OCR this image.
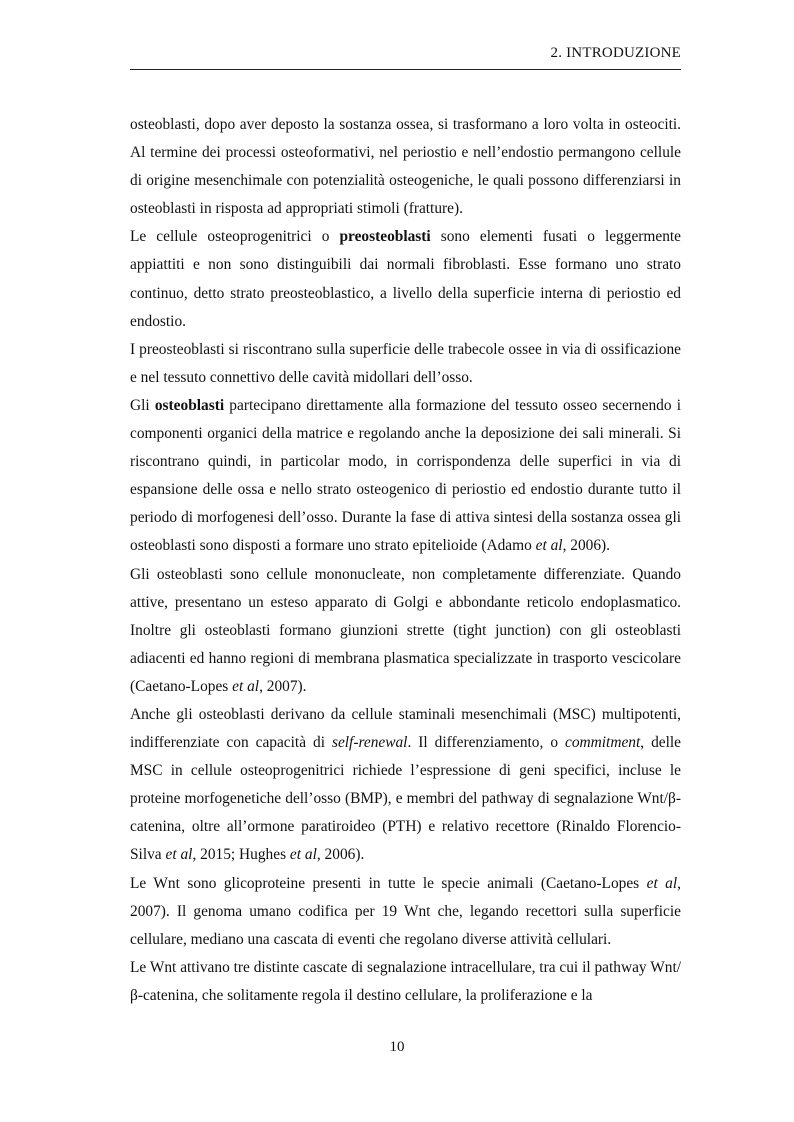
2. INTRODUZIONE

osteoblasti, dopo aver deposto la sostanza ossea, si trasformano a loro volta in osteociti. Al termine dei processi osteoformativi, nel periostio e nell’endostio permangono cellule di origine mesenchimale con potenzialità osteogeniche, le quali possono differenziarsi in osteoblasti in risposta ad appropriati stimoli (fratture).

Le cellule osteoprogenitrici o preosteoblasti sono elementi fusati o leggermente appiattiti e non sono distinguibili dai normali fibroblasti. Esse formano uno strato continuo, detto strato preosteoblastico, a livello della superficie interna di periostio ed endostio.

I preosteoblasti si riscontrano sulla superficie delle trabecole ossee in via di ossificazione e nel tessuto connettivo delle cavità midollari dell’osso.

Gli osteoblasti partecipano direttamente alla formazione del tessuto osseo secernendo i componenti organici della matrice e regolando anche la deposizione dei sali minerali. Si riscontrano quindi, in particolar modo, in corrispondenza delle superfici in via di espansione delle ossa e nello strato osteogenico di periostio ed endostio durante tutto il periodo di morfogenesi dell’osso. Durante la fase di attiva sintesi della sostanza ossea gli osteoblasti sono disposti a formare uno strato epitelioide (Adamo et al, 2006).

Gli osteoblasti sono cellule mononucleate, non completamente differenziate. Quando attive, presentano un esteso apparato di Golgi e abbondante reticolo endoplasmatico. Inoltre gli osteoblasti formano giunzioni strette (tight junction) con gli osteoblasti adiacenti ed hanno regioni di membrana plasmatica specializzate in trasporto vescicolare (Caetano-Lopes et al, 2007).

Anche gli osteoblasti derivano da cellule staminali mesenchimali (MSC) multipotenti, indifferenziate con capacità di self-renewal. Il differenziamento, o commitment, delle MSC in cellule osteoprogenitrici richiede l’espressione di geni specifici, incluse le proteine morfogenetiche dell’osso (BMP), e membri del pathway di segnalazione Wnt/β-catenina, oltre all’ormone paratiroideo (PTH) e relativo recettore (Rinaldo Florencio-Silva et al, 2015; Hughes et al, 2006).

Le Wnt sono glicoproteine presenti in tutte le specie animali (Caetano-Lopes et al, 2007). Il genoma umano codifica per 19 Wnt che, legando recettori sulla superficie cellulare, mediano una cascata di eventi che regolano diverse attività cellulari.

Le Wnt attivano tre distinte cascate di segnalazione intracellulare, tra cui il pathway Wnt/β-catenina, che solitamente regola il destino cellulare, la proliferazione e la

10
